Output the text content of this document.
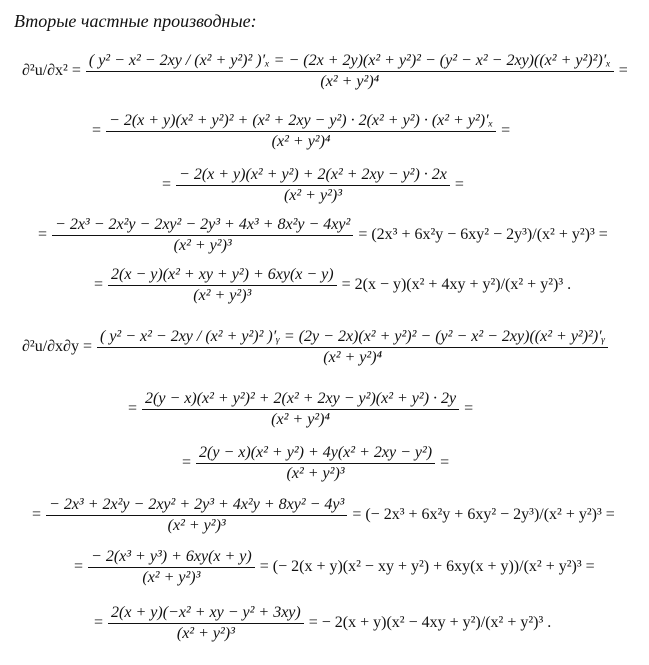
Вторые частные производные:
∂²u/∂x² =
( y² − x² − 2xy / (x² + y²)² )′ₓ = − (2x + 2y)(x² + y²)² − (y² − x² − 2xy)((x² + y²)²)′ₓ
(x² + y²)⁴
=
=
− 2(x + y)(x² + y²)² + (x² + 2xy − y²) · 2(x² + y²) · (x² + y²)′ₓ
(x² + y²)⁴
=
= $\frac{\text{− 2(x + y)(x² + y²) + 2(x² + 2xy − y²) · 2x}}{\text{(x² + y²)³}}$ =
= $\frac{\text{− 2x³ − 2x²y − 2xy² − 2y³ + 4x³ + 8x²y − 4xy²}}{\text{(x² + y²)³}} = (2x^3 + 6x^2y - 6xy^2 - 2y^3)/(x^2 + y^2)^3$ =
= $\frac{\text{2(x − y)(x² + xy + y²) + 6xy(x − y)}}{\text{(x² + y²)³}} = 2(x - y)(x^2 + 4xy + y^2)/(x^2 + y^2)^3$ .
∂²u/∂x∂y =
( y² − x² − 2xy / (x² + y²)² )′ᵧ = (2y − 2x)(x² + y²)² − (y² − x² − 2xy)((x² + y²)²)′ᵧ
(x² + y²)⁴
= $\frac{\text{2(y − x)(x² + y²)² + 2(x² + 2xy − y²)(x² + y²) · 2y}}{\text{(x² + y²)⁴}}$ =
= $\frac{\text{2(y − x)(x² + y²) + 4y(x² + 2xy − y²)}}{\text{(x² + y²)³}}$ =
= $\frac{\text{− 2x³ + 2x²y − 2xy² + 2y³ + 4x²y + 8xy² − 4y³}}{\text{(x² + y²)³}}$ = (− 2x³ + 6x²y + 6xy² − 2y³)/(x² + y²)³ =
= $\frac{\text{− 2(x³ + y³) + 6xy(x + y)}}{\text{(x² + y²)³}}$ = (− 2(x + y)(x² − xy + y²) + 6xy(x + y))/(x² + y²)³ =
= $\frac{\text{2(x + y)(−x² + xy − y² + 3xy)}}{\text{(x² + y²)³}}$ = − 2(x + y)(x² − 4xy + y²)/(x² + y²)³ .
